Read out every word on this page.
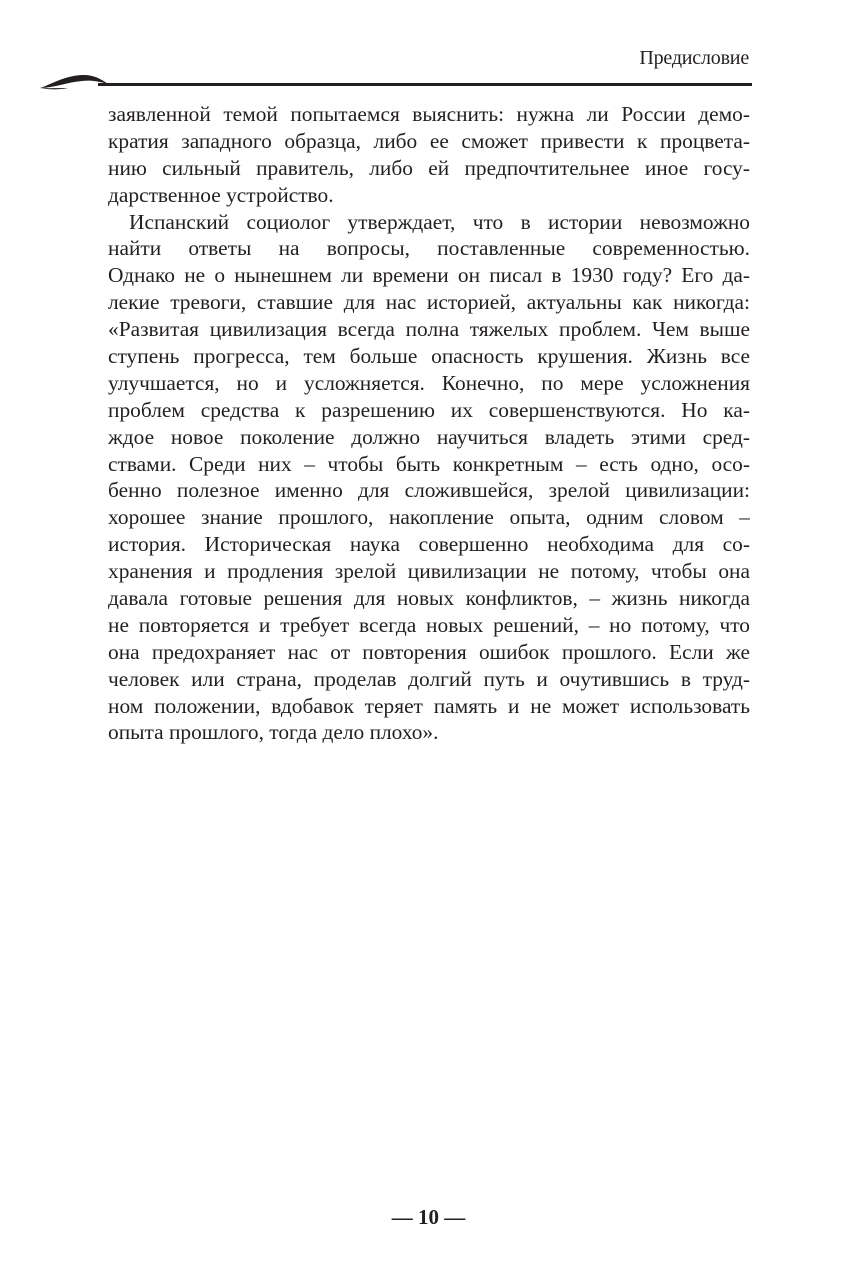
Предисловие
заявленной темой попытаемся выяснить: нужна ли России демо-
кратия западного образца, либо ее сможет привести к процвета-
нию сильный правитель, либо ей предпочтительнее иное госу-
дарственное устройство.
Испанский социолог утверждает, что в истории невозможно
найти ответы на вопросы, поставленные современностью.
Однако не о нынешнем ли времени он писал в 1930 году? Его да-
лекие тревоги, ставшие для нас историей, актуальны как никогда:
«Развитая цивилизация всегда полна тяжелых проблем. Чем выше
ступень прогресса, тем больше опасность крушения. Жизнь все
улучшается, но и усложняется. Конечно, по мере усложнения
проблем средства к разрешению их совершенствуются. Но ка-
ждое новое поколение должно научиться владеть этими сред-
ствами. Среди них – чтобы быть конкретным – есть одно, осо-
бенно полезное именно для сложившейся, зрелой цивилизации:
хорошее знание прошлого, накопление опыта, одним словом –
история. Историческая наука совершенно необходима для со-
хранения и продления зрелой цивилизации не потому, чтобы она
давала готовые решения для новых конфликтов, – жизнь никогда
не повторяется и требует всегда новых решений, – но потому, что
она предохраняет нас от повторения ошибок прошлого. Если же
человек или страна, проделав долгий путь и очутившись в труд-
ном положении, вдобавок теряет память и не может использовать
опыта прошлого, тогда дело плохо».
— 10 —
